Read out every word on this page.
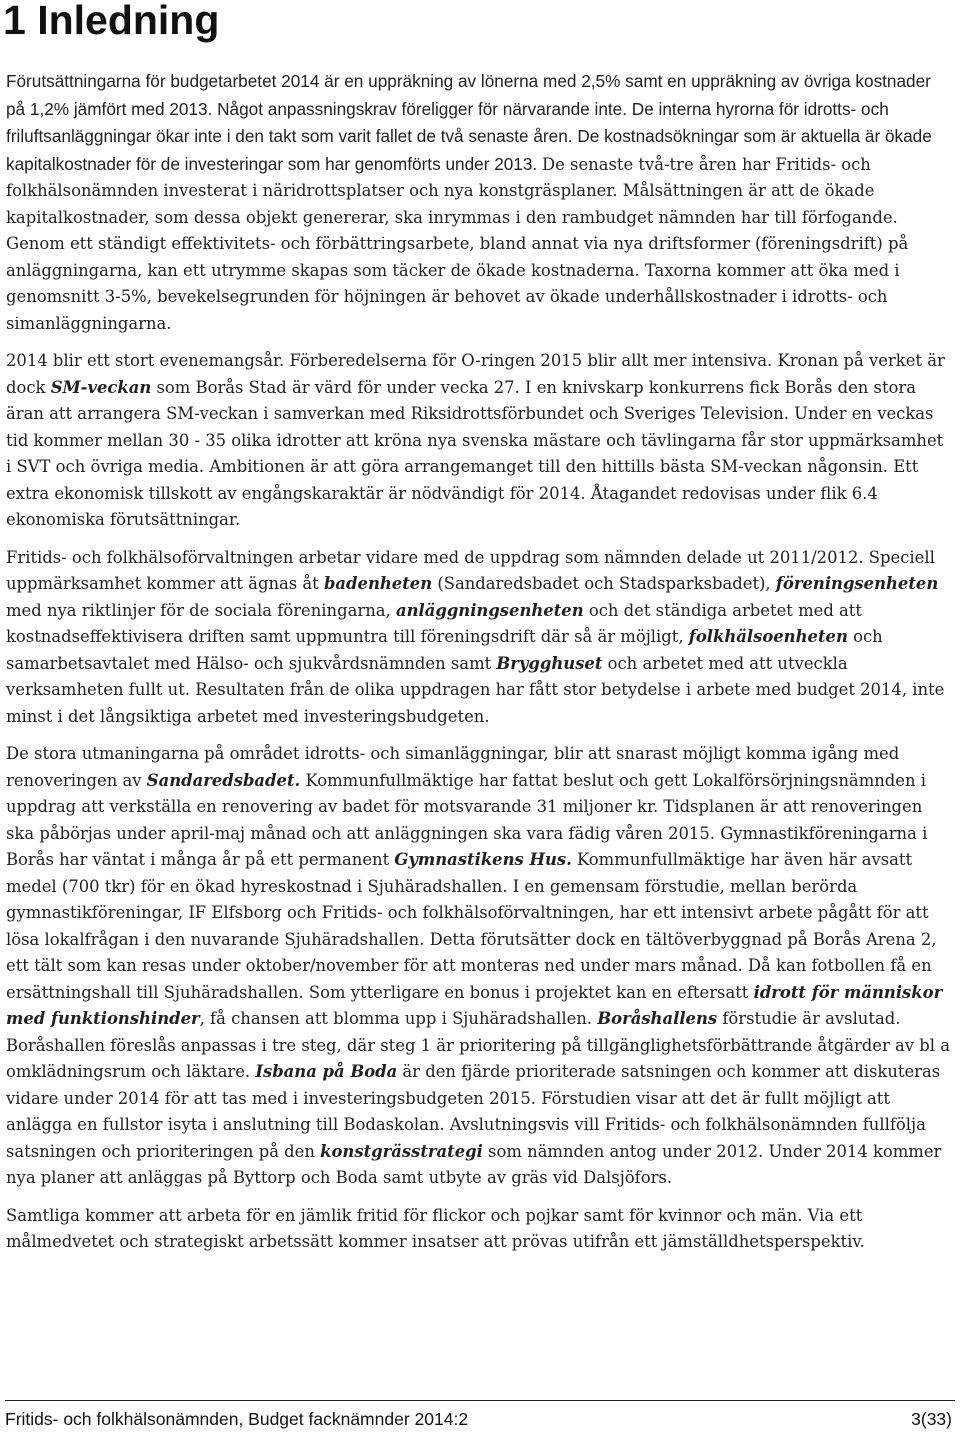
1 Inledning

Förutsättningarna för budgetarbetet 2014 är en uppräkning av lönerna med 2,5% samt en uppräkning av övriga kostnader på 1,2% jämfört med 2013. Något anpassningskrav föreligger för närvarande inte. De interna hyrorna för idrotts- och friluftsanläggningar ökar inte i den takt som varit fallet de två senaste åren. De kostnadsökningar som är aktuella är ökade kapitalkostnader för de investeringar som har genomförts under 2013. De senaste två-tre åren har Fritids- och folkhälsonämnden investerat i näridrottsplatser och nya konstgräsplaner. Målsättningen är att de ökade kapitalkostnader, som dessa objekt genererar, ska inrymmas i den rambudget nämnden har till förfogande. Genom ett ständigt effektivitets- och förbättringsarbete, bland annat via nya driftsformer (föreningsdrift) på anläggningarna, kan ett utrymme skapas som täcker de ökade kostnaderna. Taxorna kommer att öka med i genomsnitt 3-5%, bevekelsegrunden för höjningen är behovet av ökade underhållskostnader i idrotts- och simanläggningarna.

2014 blir ett stort evenemangsår. Förberedelserna för O-ringen 2015 blir allt mer intensiva. Kronan på verket är dock SM-veckan som Borås Stad är värd för under vecka 27. I en knivskarp konkurrens fick Borås den stora äran att arrangera SM-veckan i samverkan med Riksidrottsförbundet och Sveriges Television. Under en veckas tid kommer mellan 30 - 35 olika idrotter att kröna nya svenska mästare och tävlingarna får stor uppmärksamhet i SVT och övriga media. Ambitionen är att göra arrangemanget till den hittills bästa SM-veckan någonsin. Ett extra ekonomisk tillskott av engångskaraktär är nödvändigt för 2014. Åtagandet redovisas under flik 6.4 ekonomiska förutsättningar.

Fritids- och folkhälsoförvaltningen arbetar vidare med de uppdrag som nämnden delade ut 2011/2012. Speciell uppmärksamhet kommer att ägnas åt badenheten (Sandaredsbadet och Stadsparksbadet), föreningsenheten med nya riktlinjer för de sociala föreningarna, anläggningsenheten och det ständiga arbetet med att kostnadseffektivisera driften samt uppmuntra till föreningsdrift där så är möjligt, folkhälsoenheten och samarbetsavtalet med Hälso- och sjukvårdsnämnden samt Brygghuset och arbetet med att utveckla verksamheten fullt ut. Resultaten från de olika uppdragen har fått stor betydelse i arbete med budget 2014, inte minst i det långsiktiga arbetet med investeringsbudgeten.

De stora utmaningarna på området idrotts- och simanläggningar, blir att snarast möjligt komma igång med renoveringen av Sandaredsbadet. Kommunfullmäktige har fattat beslut och gett Lokalförsörjningsnämnden i uppdrag att verkställa en renovering av badet för motsvarande 31 miljoner kr. Tidsplanen är att renoveringen ska påbörjas under april-maj månad och att anläggningen ska vara fädig våren 2015. Gymnastikföreningarna i Borås har väntat i många år på ett permanent Gymnastikens Hus. Kommunfullmäktige har även här avsatt medel (700 tkr) för en ökad hyreskostnad i Sjuhäradshallen. I en gemensam förstudie, mellan berörda gymnastikföreningar, IF Elfsborg och Fritids- och folkhälsoförvaltningen, har ett intensivt arbete pågått för att lösa lokalfrågan i den nuvarande Sjuhäradshallen. Detta förutsätter dock en tältöverbyggnad på Borås Arena 2, ett tält som kan resas under oktober/november för att monteras ned under mars månad. Då kan fotbollen få en ersättningshall till Sjuhäradshallen. Som ytterligare en bonus i projektet kan en eftersatt idrott för människor med funktionshinder, få chansen att blomma upp i Sjuhäradshallen. Boråshallens förstudie är avslutad. Boråshallen föreslås anpassas i tre steg, där steg 1 är prioritering på tillgänglighetsförbättrande åtgärder av bl a omklädningsrum och läktare. Isbana på Boda är den fjärde prioriterade satsningen och kommer att diskuteras vidare under 2014 för att tas med i investeringsbudgeten 2015. Förstudien visar att det är fullt möjligt att anlägga en fullstor isyta i anslutning till Bodaskolan. Avslutningsvis vill Fritids- och folkhälsonämnden fullfölja satsningen och prioriteringen på den konstgrässtrategi som nämnden antog under 2012. Under 2014 kommer nya planer att anläggas på Byttorp och Boda samt utbyte av gräs vid Dalsjöfors.

Samtliga kommer att arbeta för en jämlik fritid för flickor och pojkar samt för kvinnor och män. Via ett målmedvetet och strategiskt arbetssätt kommer insatser att prövas utifrån ett jämställdhetsperspektiv.

Fritids- och folkhälsonämnden, Budget facknämnder 2014:2	3(33)
